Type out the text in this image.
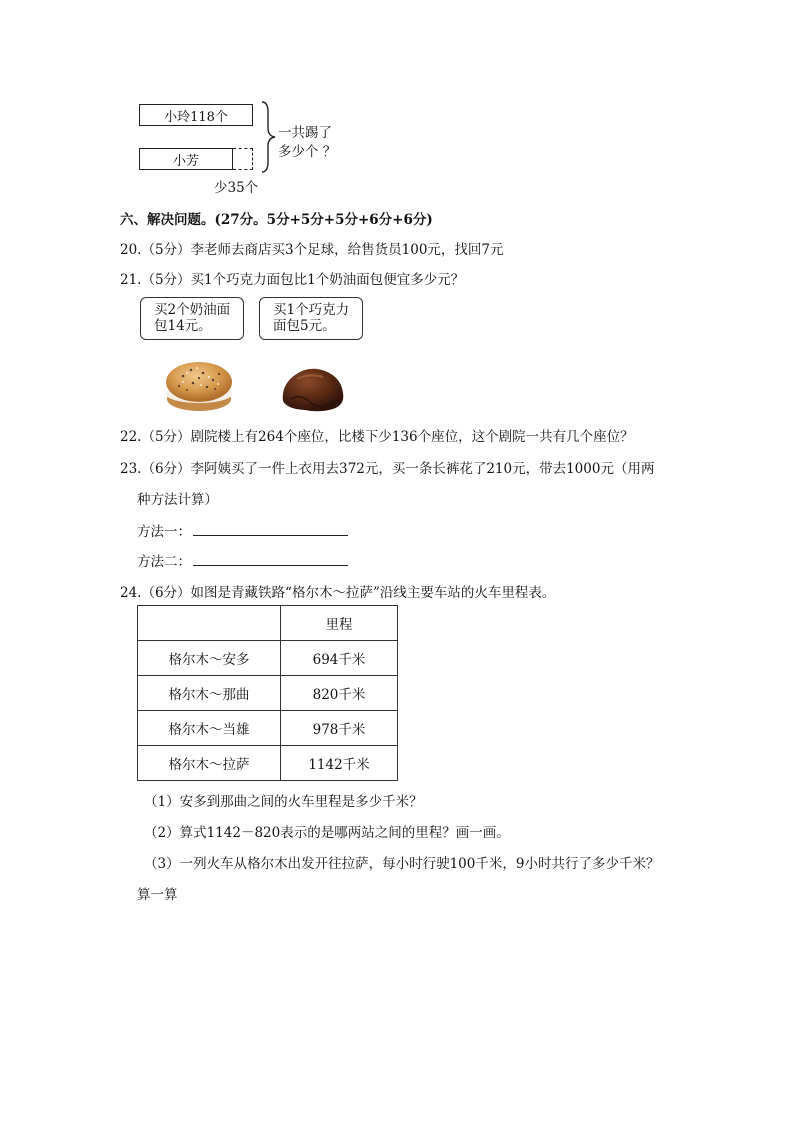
小玲118个
小芳
一共踢了
多少个 ？
少35个
六、解决问题。(27分。5分+5分+5分+6分+6分)
20.（5分）李老师去商店买3个足球，给售货员100元，找回7元
21.（5分）买1个巧克力面包比1个奶油面包便宜多少元？
买2个奶油面包14元。
买1个巧克力面包5元。
22.（5分）剧院楼上有264个座位，比楼下少136个座位，这个剧院一共有几个座位？
23.（6分）李阿姨买了一件上衣用去372元，买一条长裤花了210元，带去1000元（用两
种方法计算）
方法一：
方法二：
24.（6分）如图是青藏铁路“格尔木～拉萨”沿线主要车站的火车里程表。
	里程
格尔木～安多	694千米
格尔木～那曲	820千米
格尔木～当雄	978千米
格尔木～拉萨	1142千米
（1）安多到那曲之间的火车里程是多少千米？
（2）算式1142－820表示的是哪两站之间的里程？画一画。
（3）一列火车从格尔木出发开往拉萨，每小时行驶100千米，9小时共行了多少千米？
算一算
